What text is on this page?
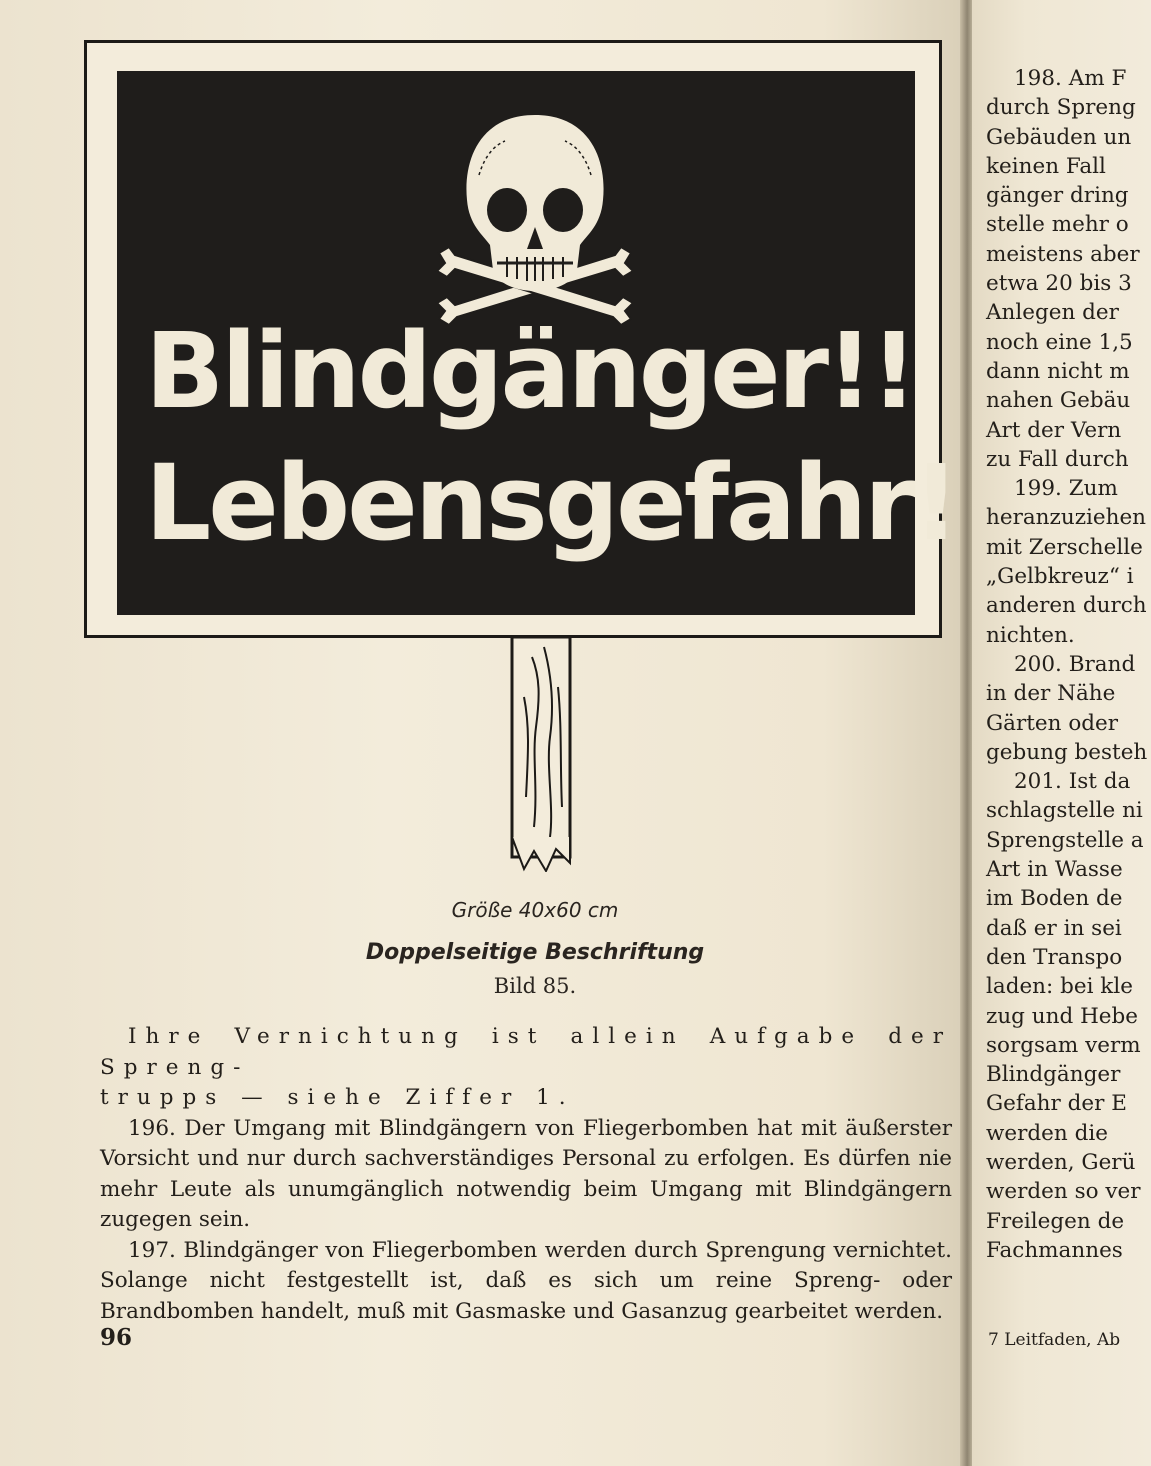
Blindgänger!!
Lebensgefahr!
Größe 40x60 cm
Doppelseitige Beschriftung
Bild 85.

Ihre Vernichtung ist allein Aufgabe der Spreng-

trupps — siehe Ziffer 1.

196. Der Umgang mit Blindgängern von Fliegerbomben hat mit äußerster Vorsicht und nur durch sachverständiges Personal zu erfolgen. Es dürfen nie mehr Leute als unumgänglich notwendig beim Umgang mit Blindgängern zugegen sein.

197. Blindgänger von Fliegerbomben werden durch Sprengung vernichtet. Solange nicht festgestellt ist, daß es sich um reine Spreng- oder Brandbomben handelt, muß mit Gasmaske und Gasanzug gearbeitet werden.

96
198. Am F
durch Spreng
Gebäuden un
keinen Fall
gänger dring
stelle mehr o
meistens aber
etwa 20 bis 3
Anlegen der
noch eine 1,5
dann nicht m
nahen Gebäu
Art der Vern
zu Fall durch
199. Zum
heranzuziehen
mit Zerschelle
„Gelbkreuz“ i
anderen durch
nichten.
200. Brand
in der Nähe
Gärten oder
gebung besteh
201. Ist da
schlagstelle ni
Sprengstelle a
Art in Wasse
im Boden de
daß er in sei
den Transpo
laden: bei kle
zug und Hebe
sorgsam verm
Blindgänger
Gefahr der E
werden die
werden, Gerü
werden so ver
Freilegen de
Fachmannes
7 Leitfaden, Ab
